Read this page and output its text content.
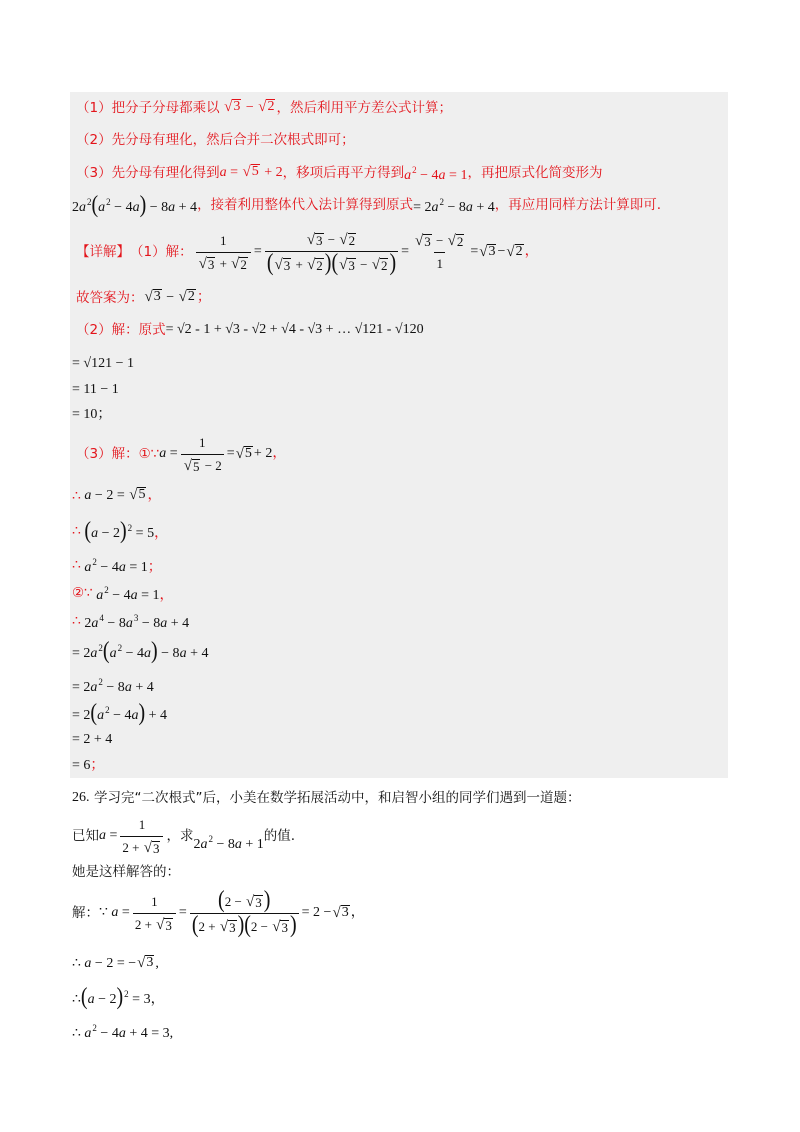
（1） 把分子分母都乘以
√ 3 − √ 2 ，然后利用平方差公式计算；
（2） 先分母有理化，然后合并二次根式即可；
（3） 先分母有理化得到 a = √ 5 + 2 ，移项后再平方得到 $a^2 - 4a = 1$ ，再把原式化简变形为
$2a^2(a^2 - 4a) - 8a + 4$ ，接着利用整体代入法计算得到原式 = $2a^2 - 8a + 4$ ，再应用同样方法计算即可.
【详解】 （1）解： $\frac{1}{√ 3 + √ 2} = \frac{√ 3 - √ 2}{( √ 3 + √ 2 )( √ 3 - √ 2 )} = \frac{√ 3 - √ 2}{1}$ = √ 3 − √ 2 ，
故答案为： √ 3 − √ 2 ；
（2）解：原式 = √2 - 1 + √3 - √2 + √4 - √3 + … √121 - √120
= √121 − 1
= 11 − 1
= 10；
（3）解： ①∵ $a = \frac{1}{√ 5 - 2}$ = √ 5 + 2 ，
∴ a − 2 = √ 5 ，
∴ $(a - 2)^2 = 5$，
∴ $a^2 - 4a = 1$；
②∵ $a^2 - 4a = 1$，
∴ $2a^4 - 8a^3 - 8a + 4$
= $2a^2(a^2 - 4a) - 8a + 4$
= $2a^2 - 8a + 4$
= $2(a^2 - 4a) + 4$
= 2 + 4
= 6；
26.
学习完“二次根式”后，小美在数学拓展活动中，和启智小组的同学们遇到一道题：
已知 $a = \frac{1}{2 + √ 3}$ ，求
$2a^2 - 8a + 1$
的值.
她是这样解答的：
解： ∵ $a = \frac{1}{2 + √ 3} = \frac{(2 - √ 3 )}{(2 + √ 3 )(2 - √ 3 )} = 2$ − √ 3 ，
∴ a − 2 = − √ 3 ,
∴(a − 2)$^2$ = 3，
∴ $a^2 - 4a + 4 = 3$,
